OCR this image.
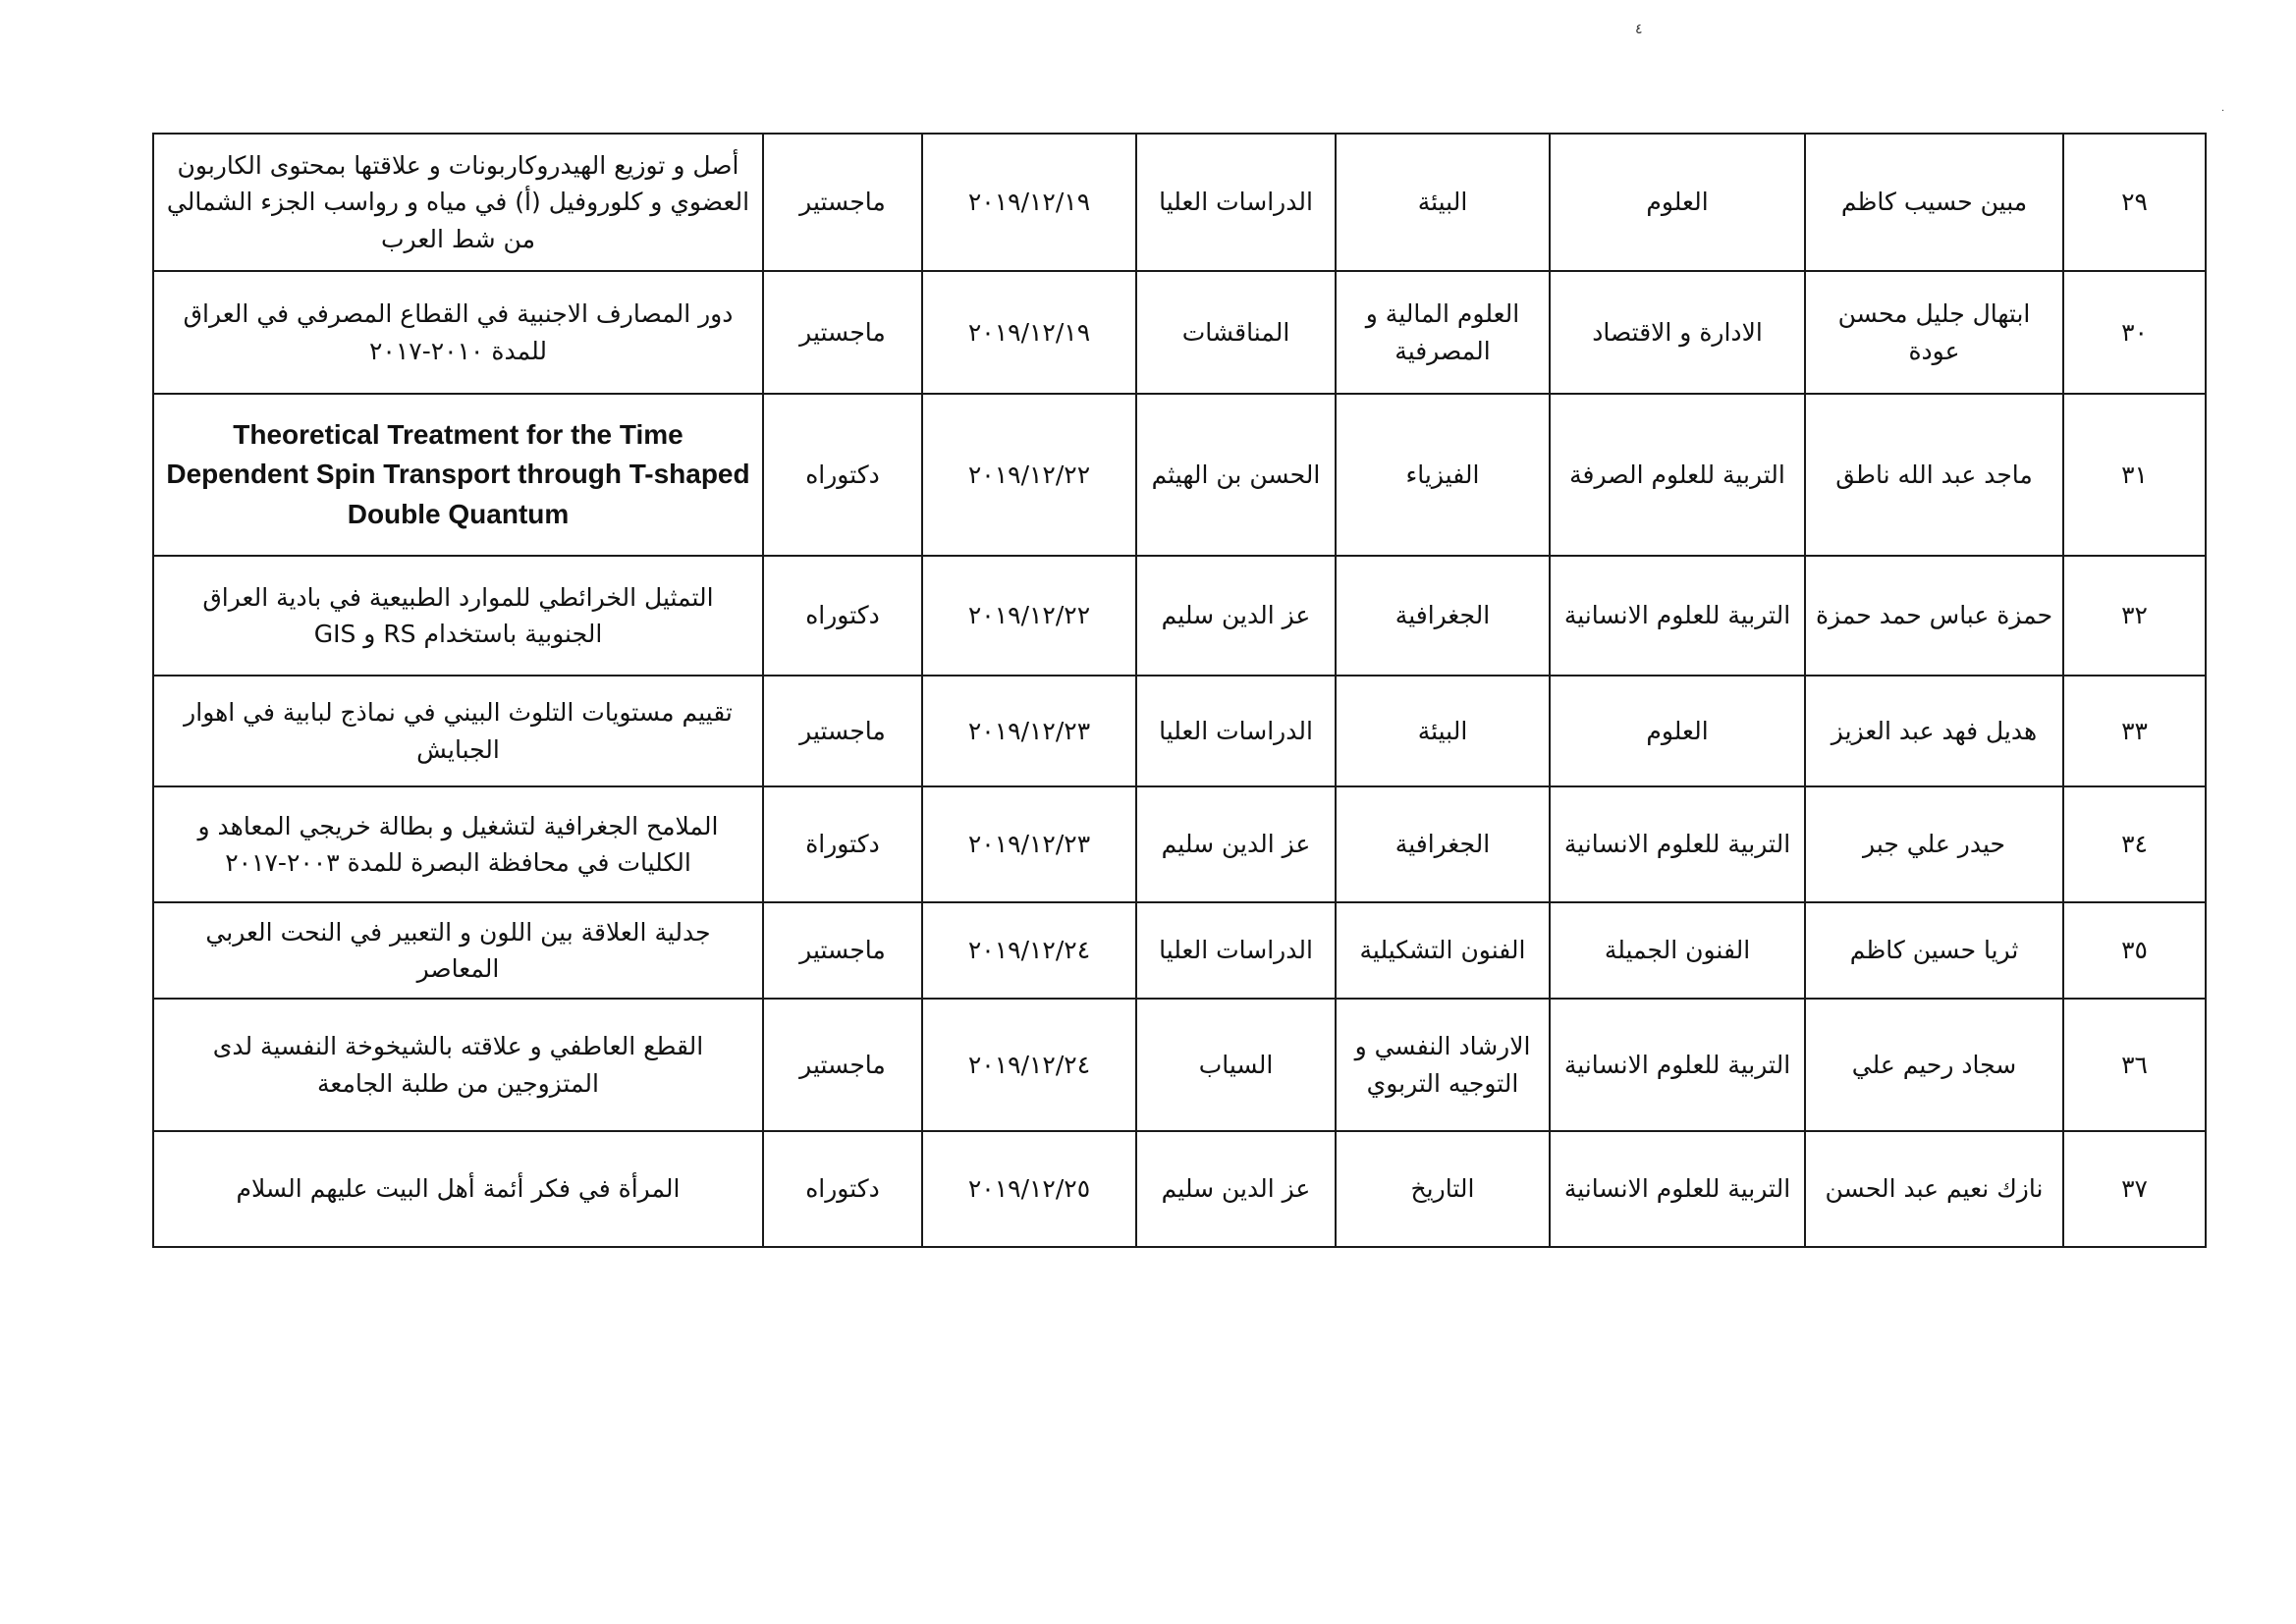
٤
·
٢٩	مبين حسيب كاظم	العلوم	البيئة	الدراسات العليا	٢٠١٩/١٢/١٩	ماجستير	أصل و توزيع الهيدروكاربونات و علاقتها بمحتوى الكاربون العضوي و كلوروفيل (أ) في مياه و رواسب الجزء الشمالي من شط العرب
٣٠	ابتهال جليل محسن عودة	الادارة و الاقتصاد	العلوم المالية و المصرفية	المناقشات	٢٠١٩/١٢/١٩	ماجستير	دور المصارف الاجنبية في القطاع المصرفي في العراق للمدة ٢٠١٠-٢٠١٧
٣١	ماجد عبد الله ناطق	التربية للعلوم الصرفة	الفيزياء	الحسن بن الهيثم	٢٠١٩/١٢/٢٢	دكتوراه	Theoretical Treatment for the Time Dependent Spin Transport through T-shaped Double Quantum
٣٢	حمزة عباس حمد حمزة	التربية للعلوم الانسانية	الجغرافية	عز الدين سليم	٢٠١٩/١٢/٢٢	دكتوراه	التمثيل الخرائطي للموارد الطبيعية في بادية العراق الجنوبية باستخدام RS و GIS
٣٣	هديل فهد عبد العزيز	العلوم	البيئة	الدراسات العليا	٢٠١٩/١٢/٢٣	ماجستير	تقييم مستويات التلوث البيني في نماذج لبابية في اهوار الجبايش
٣٤	حيدر علي جبر	التربية للعلوم الانسانية	الجغرافية	عز الدين سليم	٢٠١٩/١٢/٢٣	دكتوراة	الملامح الجغرافية لتشغيل و بطالة خريجي المعاهد و الكليات في محافظة البصرة للمدة ٢٠٠٣-٢٠١٧
٣٥	ثريا حسين كاظم	الفنون الجميلة	الفنون التشكيلية	الدراسات العليا	٢٠١٩/١٢/٢٤	ماجستير	جدلية العلاقة بين اللون و التعبير في النحت العربي المعاصر
٣٦	سجاد رحيم علي	التربية للعلوم الانسانية	الارشاد النفسي و التوجيه التربوي	السياب	٢٠١٩/١٢/٢٤	ماجستير	القطع العاطفي و علاقته بالشيخوخة النفسية لدى المتزوجين من طلبة الجامعة
٣٧	نازك نعيم عبد الحسن	التربية للعلوم الانسانية	التاريخ	عز الدين سليم	٢٠١٩/١٢/٢٥	دكتوراه	المرأة في فكر أئمة أهل البيت عليهم السلام
